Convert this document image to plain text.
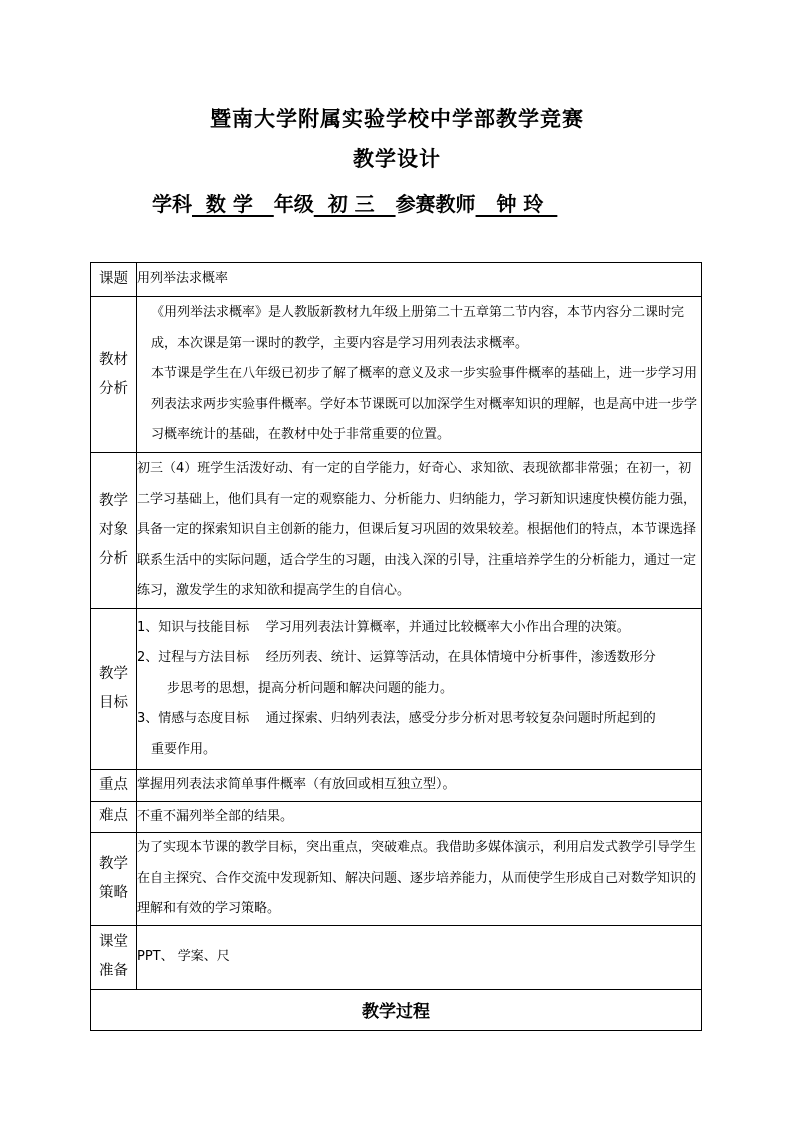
暨南大学附属实验学校中学部教学竞赛
教学设计
学科  数 学   年级  初 三   参赛教师   钟 玲
课题	用列举法求概率

教材分析	《用列举法求概率》是人教版新教材九年级上册第二十五章第二节内容，本节内容分二课时完成，本次课是第一课时的教学，主要内容是学习用列表法求概率。

本节课是学生在八年级已初步了解了概率的意义及求一步实验事件概率的基础上，进一步学习用列表法求两步实验事件概率。学好本节课既可以加深学生对概率知识的理解，也是高中进一步学习概率统计的基础，在教材中处于非常重要的位置。

教学对象分析	初三（4）班学生活泼好动、有一定的自学能力，好奇心、求知欲、表现欲都非常强；在初一，初二学习基础上，他们具有一定的观察能力、分析能力、归纳能力，学习新知识速度快模仿能力强，具备一定的探索知识自主创新的能力，但课后复习巩固的效果较差。根据他们的特点，本节课选择联系生活中的实际问题，适合学生的习题，由浅入深的引导，注重培养学生的分析能力，通过一定练习，激发学生的求知欲和提高学生的自信心。

教学目标	1、知识与技能目标    学习用列表法计算概率，并通过比较概率大小作出合理的决策。

2、过程与方法目标    经历列表、统计、运算等活动，在具体情境中分析事件，渗透数形分

步思考的思想，提高分析问题和解决问题的能力。

3、情感与态度目标    通过探索、归纳列表法，感受分步分析对思考较复杂问题时所起到的

重要作用。

重点	掌握用列表法求简单事件概率（有放回或相互独立型）。
难点	不重不漏列举全部的结果。

教学策略	为了实现本节课的教学目标，突出重点，突破难点。我借助多媒体演示，利用启发式教学引导学生在自主探究、合作交流中发现新知、解决问题、逐步培养能力，从而使学生形成自己对数学知识的理解和有效的学习策略。

课堂准备	PPT、 学案、尺
教学过程	
